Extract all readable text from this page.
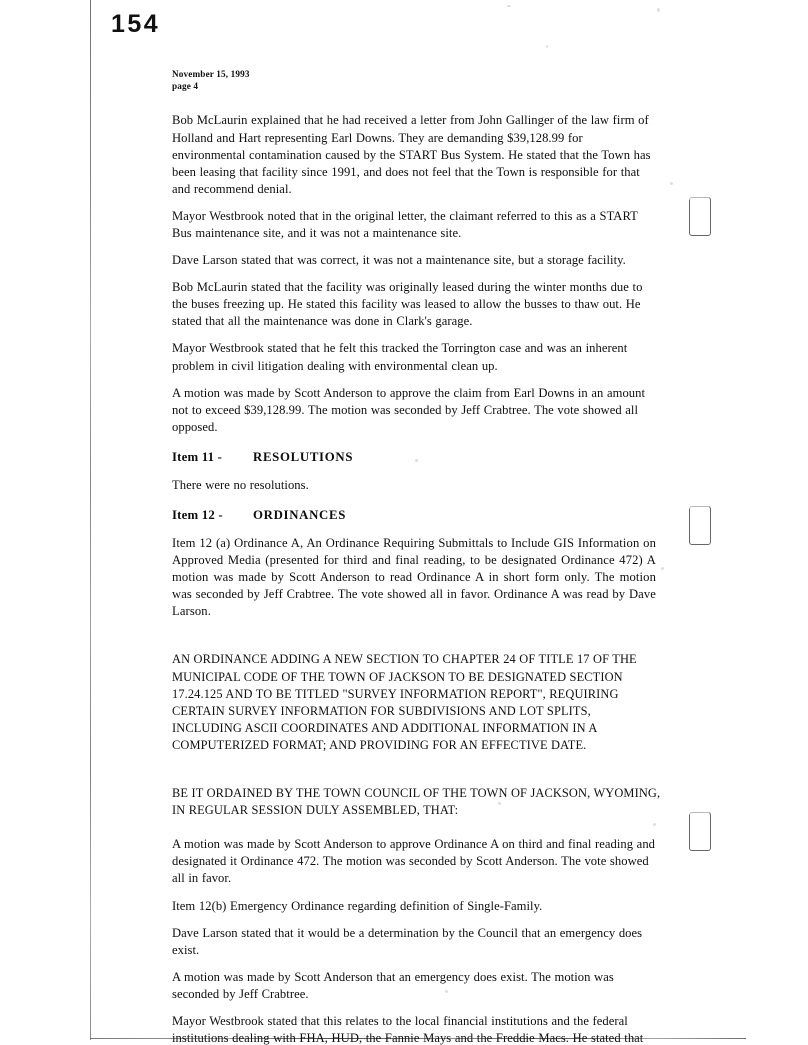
154
November 15, 1993
page 4

Bob McLaurin explained that he had received a letter from John Gallinger of the law firm of Holland and Hart representing Earl Downs. They are demanding $39,128.99 for environmental contamination caused by the START Bus System. He stated that the Town has been leasing that facility since 1991, and does not feel that the Town is responsible for that and recommend denial.

Mayor Westbrook noted that in the original letter, the claimant referred to this as a START Bus maintenance site, and it was not a maintenance site.

Dave Larson stated that was correct, it was not a maintenance site, but a storage facility.

Bob McLaurin stated that the facility was originally leased during the winter months due to the buses freezing up. He stated this facility was leased to allow the busses to thaw out. He stated that all the maintenance was done in Clark's garage.

Mayor Westbrook stated that he felt this tracked the Torrington case and was an inherent problem in civil litigation dealing with environmental clean up.

A motion was made by Scott Anderson to approve the claim from Earl Downs in an amount not to exceed $39,128.99. The motion was seconded by Jeff Crabtree. The vote showed all opposed.

Item 11 -	RESOLUTIONS

There were no resolutions.

Item 12 -	ORDINANCES

Item 12 (a) Ordinance A, An Ordinance Requiring Submittals to Include GIS Information on Approved Media (presented for third and final reading, to be designated Ordinance 472) A motion was made by Scott Anderson to read Ordinance A in short form only. The motion was seconded by Jeff Crabtree. The vote showed all in favor. Ordinance A was read by Dave Larson.

AN ORDINANCE ADDING A NEW SECTION TO CHAPTER 24 OF TITLE 17 OF THE
MUNICIPAL CODE OF THE TOWN OF JACKSON TO BE DESIGNATED SECTION
17.24.125 AND TO BE TITLED "SURVEY INFORMATION REPORT", REQUIRING
CERTAIN SURVEY INFORMATION FOR SUBDIVISIONS AND LOT SPLITS,
INCLUDING ASCII COORDINATES AND ADDITIONAL INFORMATION IN A
COMPUTERIZED FORMAT; AND PROVIDING FOR AN EFFECTIVE DATE.
BE IT ORDAINED BY THE TOWN COUNCIL OF THE TOWN OF JACKSON, WYOMING,
IN REGULAR SESSION DULY ASSEMBLED, THAT:

A motion was made by Scott Anderson to approve Ordinance A on third and final reading and designated it Ordinance 472. The motion was seconded by Scott Anderson. The vote showed all in favor.

Item 12(b) Emergency Ordinance regarding definition of Single-Family.

Dave Larson stated that it would be a determination by the Council that an emergency does exist.

A motion was made by Scott Anderson that an emergency does exist. The motion was seconded by Jeff Crabtree.

Mayor Westbrook stated that this relates to the local financial institutions and the federal institutions dealing with FHA, HUD, the Fannie Mays and the Freddie Macs. He stated that
